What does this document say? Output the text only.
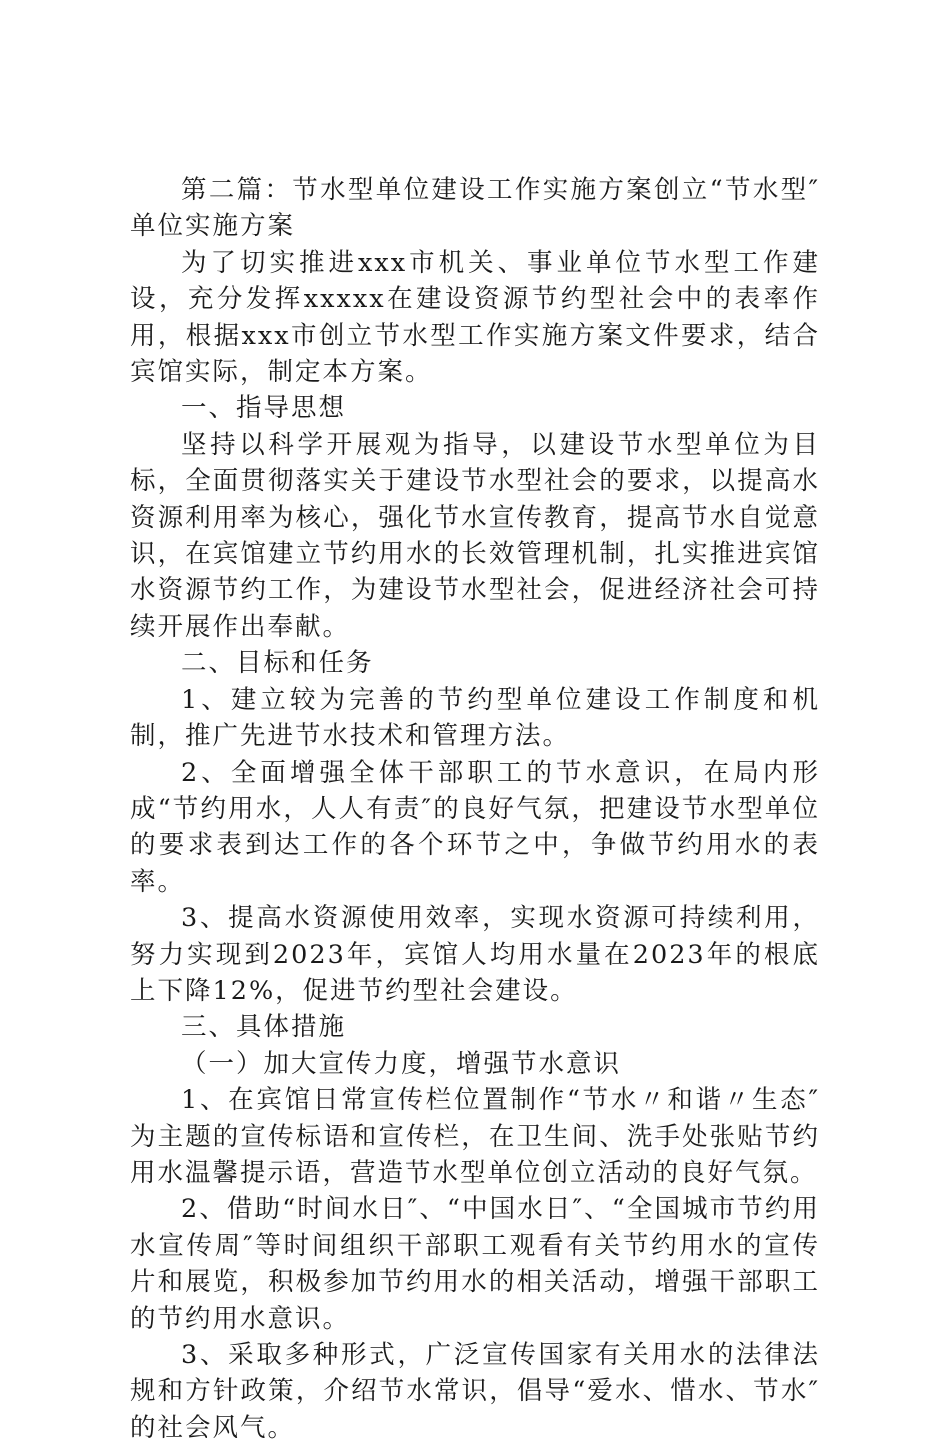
第二篇：节水型单位建设工作实施方案创立“节水型″单位实施方案

为了切实推进xxx市机关、事业单位节水型工作建设，充分发挥xxxxx在建设资源节约型社会中的表率作用，根据xxx市创立节水型工作实施方案文件要求，结合宾馆实际，制定本方案。

一、指导思想

坚持以科学开展观为指导，以建设节水型单位为目标，全面贯彻落实关于建设节水型社会的要求，以提高水资源利用率为核心，强化节水宣传教育，提高节水自觉意识，在宾馆建立节约用水的长效管理机制，扎实推进宾馆水资源节约工作，为建设节水型社会，促进经济社会可持续开展作出奉献。

二、目标和任务

1、建立较为完善的节约型单位建设工作制度和机制，推广先进节水技术和管理方法。

2、全面增强全体干部职工的节水意识，在局内形成“节约用水，人人有责″的良好气氛，把建设节水型单位的要求表到达工作的各个环节之中，争做节约用水的表率。

3、提高水资源使用效率，实现水资源可持续利用，努力实现到2023年，宾馆人均用水量在2023年的根底上下降12%，促进节约型社会建设。

三、具体措施

（一）加大宣传力度，增强节水意识

1、在宾馆日常宣传栏位置制作“节水〃和谐〃生态″为主题的宣传标语和宣传栏，在卫生间、洗手处张贴节约用水温馨提示语，营造节水型单位创立活动的良好气氛。

2、借助“时间水日″、“中国水日″、“全国城市节约用水宣传周″等时间组织干部职工观看有关节约用水的宣传片和展览，积极参加节约用水的相关活动，增强干部职工的节约用水意识。

3、采取多种形式，广泛宣传国家有关用水的法律法规和方针政策，介绍节水常识，倡导“爱水、惜水、节水″的社会风气。
